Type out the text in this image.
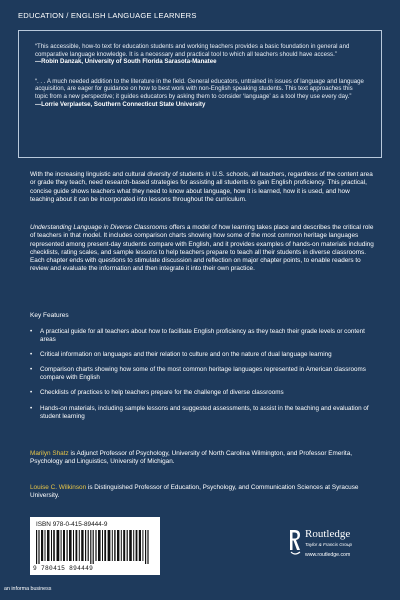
EDUCATION / ENGLISH LANGUAGE LEARNERS

“This accessible, how-to text for education students and working teachers provides a basic foundation in general and comparative language knowledge. It is a necessary and practical tool to which all teachers should have access.”

—Robin Danzak, University of South Florida Sarasota-Manatee

“. . . A much needed addition to the literature in the field. General educators, untrained in issues of language and language acquisition, are eager for guidance on how to best work with non-English speaking students. This text approaches this topic from a new perspective; it guides educators by asking them to consider ‘language’ as a tool they use every day.”

—Lorrie Verplaetse, Southern Connecticut State University

With the increasing linguistic and cultural diversity of students in U.S. schools, all teachers, regardless of the content area or grade they teach, need research-based strategies for assisting all students to gain English proficiency. This practical, concise guide shows teachers what they need to know about language, how it is learned, how it is used, and how teaching about it can be incorporated into lessons throughout the curriculum.

Understanding Language in Diverse Classrooms offers a model of how learning takes place and describes the critical role of teachers in that model. It includes comparison charts showing how some of the most common heritage languages represented among present-day students compare with English, and it provides examples of hands-on materials including checklists, rating scales, and sample lessons to help teachers prepare to teach all their students in diverse classrooms. Each chapter ends with questions to stimulate discussion and reflection on major chapter points, to enable readers to review and evaluate the information and then integrate it into their own practice.

Key Features

• A practical guide for all teachers about how to facilitate English proficiency as they teach their grade levels or content areas
• Critical information on languages and their relation to culture and on the nature of dual language learning
• Comparison charts showing how some of the most common heritage languages represented in American classrooms compare with English
• Checklists of practices to help teachers prepare for the challenge of diverse classrooms
• Hands-on materials, including sample lessons and suggested assessments, to assist in the teaching and evaluation of student learning

Marilyn Shatz is Adjunct Professor of Psychology, University of North Carolina Wilmington, and Professor Emerita, Psychology and Linguistics, University of Michigan.

Louise C. Wilkinson is Distinguished Professor of Education, Psychology, and Communication Sciences at Syracuse University.

ISBN 978-0-415-89444-9
9 780415 894449
Routledge
Taylor & Francis Group
www.routledge.com
an informa business
